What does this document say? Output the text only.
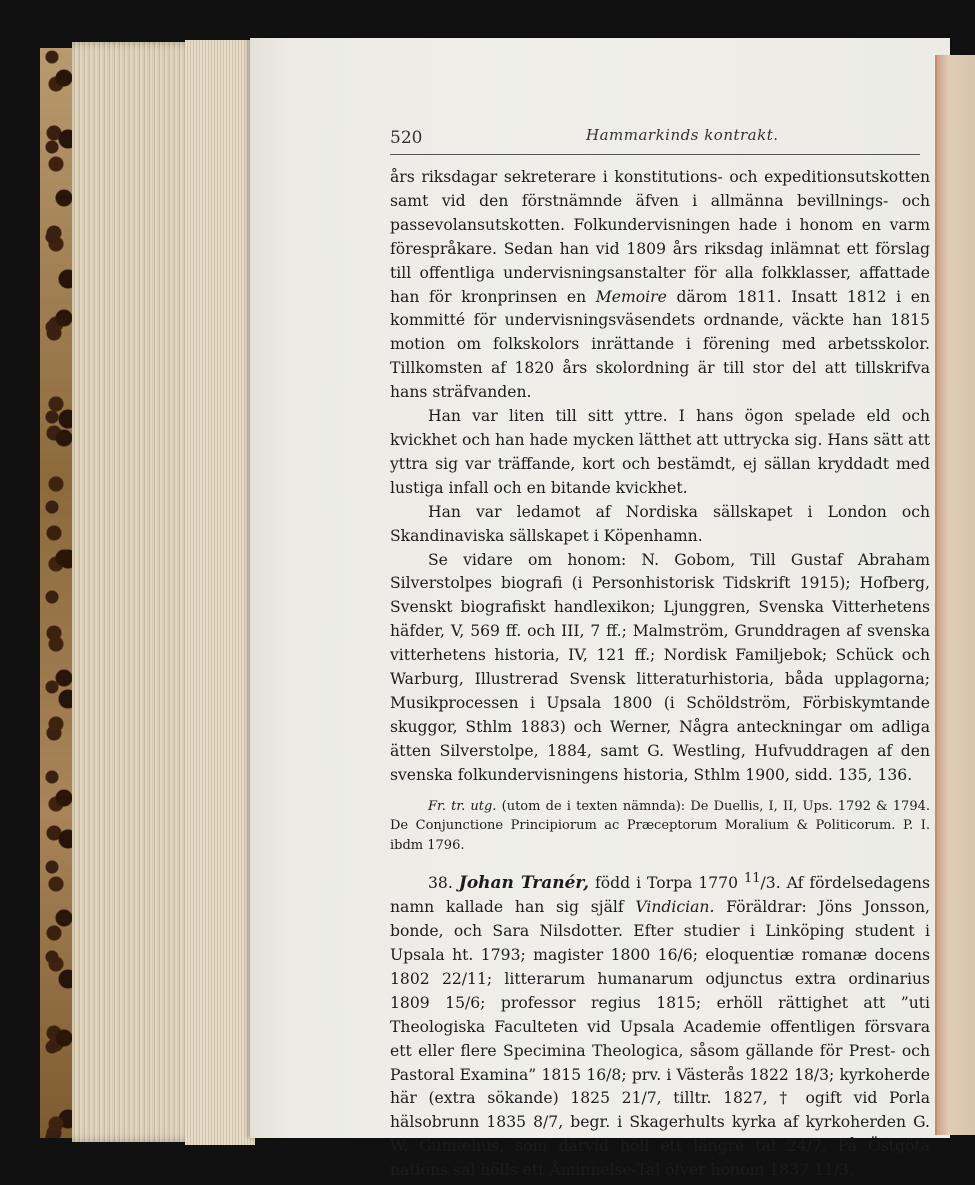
520	Hammarkinds kontrakt.

års riksdagar sekreterare i konstitutions- och expeditionsutskotten samt vid den förstnämnde äfven i allmänna bevillnings- och passevolansutskotten. Folkundervisningen hade i honom en varm förespråkare. Sedan han vid 1809 års riksdag inlämnat ett förslag till offentliga undervisningsanstalter för alla folkklasser, affattade han för kronprinsen en Memoire därom 1811. Insatt 1812 i en kommitté för undervisningsväsendets ordnande, väckte han 1815 motion om folkskolors inrättande i förening med arbetsskolor. Tillkomsten af 1820 års skolordning är till stor del att tillskrifva hans sträfvanden.

Han var liten till sitt yttre. I hans ögon spelade eld och kvickhet och han hade mycken lätthet att uttrycka sig. Hans sätt att yttra sig var träffande, kort och bestämdt, ej sällan kryddadt med lustiga infall och en bitande kvickhet.

Han var ledamot af Nordiska sällskapet i London och Skandinaviska sällskapet i Köpenhamn.

Se vidare om honom: N. Gobom, Till Gustaf Abraham Silverstolpes biografi (i Personhistorisk Tidskrift 1915); Hofberg, Svenskt biografiskt handlexikon; Ljunggren, Svenska Vitterhetens häfder, V, 569 ff. och III, 7 ff.; Malmström, Grunddragen af svenska vitterhetens historia, IV, 121 ff.; Nordisk Familjebok; Schück och Warburg, Illustrerad Svensk litteraturhistoria, båda upplagorna; Musikprocessen i Upsala 1800 (i Schöldström, Förbiskymtande skuggor, Sthlm 1883) och Werner, Några anteckningar om adliga ätten Silverstolpe, 1884, samt G. Westling, Hufvuddragen af den svenska folkundervisningens historia, Sthlm 1900, sidd. 135, 136.

Fr. tr. utg. (utom de i texten nämnda): De Duellis, I, II, Ups. 1792 & 1794. De Conjunctione Principiorum ac Præceptorum Moralium & Politicorum. P. I. ibdm 1796.

38. Johan Tranér, född i Torpa 1770 $^{11}$/3. Af fördelsedagens namn kallade han sig själf Vindician. Föräldrar: Jöns Jonsson, bonde, och Sara Nilsdotter. Efter studier i Linköping student i Upsala ht. 1793; magister 1800 16/6; eloquentiæ romanæ docens 1802 22/11; litterarum humanarum odjunctus extra ordinarius 1809 15/6; professor regius 1815; erhöll rättighet att ”uti Theologiska Faculteten vid Upsala Academie offentligen försvara ett eller flere Specimina Theologica, såsom gällande för Prest- och Pastoral Examina” 1815 16/8; prv. i Västerås 1822 18/3; kyrkoherde här (extra sökande) 1825 21/7, tilltr. 1827, † ogift vid Porla hälsobrunn 1835 8/7, begr. i Skagerhults kyrka af kyrkoherden G. W. Gumælius, som därvid höll ett längre tal 24/7. På Östgöta nations sal hölls ett Åminnelse-Tal öfver honom 1837 11/3.
